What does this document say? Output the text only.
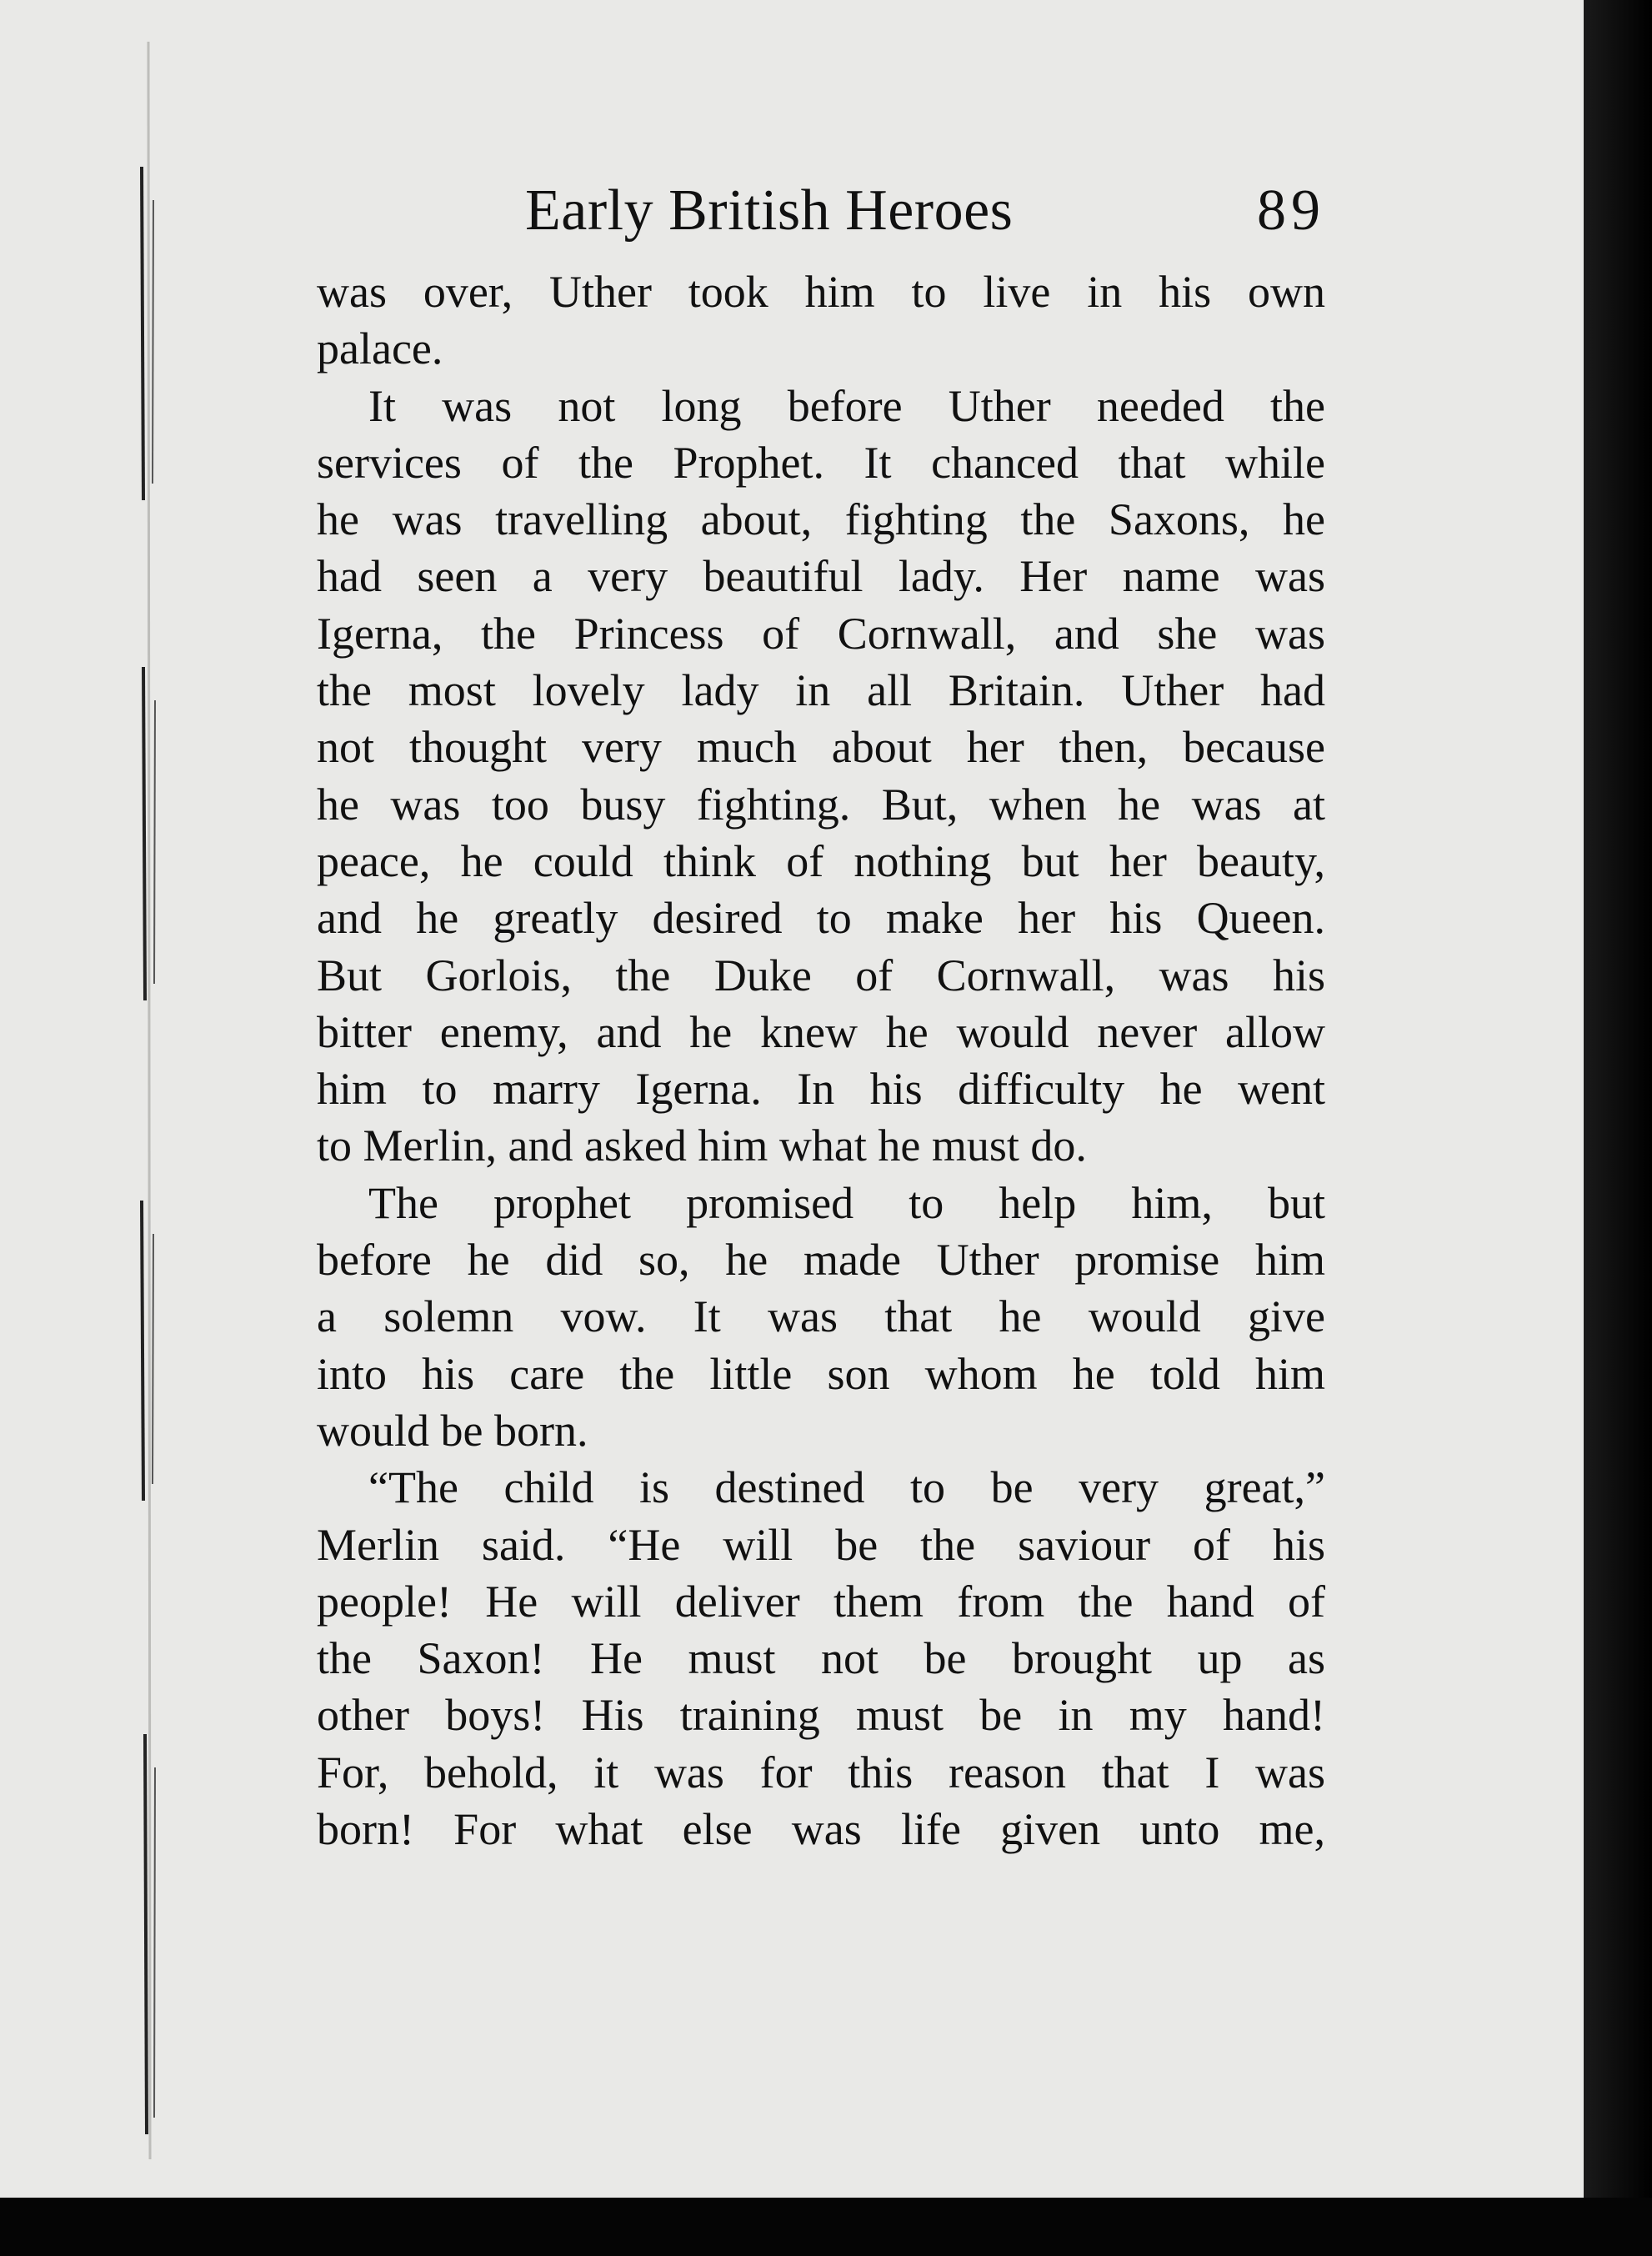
Early British Heroes	89
was over, Uther took him to live in his own
palace.
It was not long before Uther needed the
services of the Prophet. It chanced that while
he was travelling about, fighting the Saxons, he
had seen a very beautiful lady. Her name was
Igerna, the Princess of Cornwall, and she was
the most lovely lady in all Britain. Uther had
not thought very much about her then, because
he was too busy fighting. But, when he was at
peace, he could think of nothing but her beauty,
and he greatly desired to make her his Queen.
But Gorlois, the Duke of Cornwall, was his
bitter enemy, and he knew he would never allow
him to marry Igerna. In his difficulty he went
to Merlin, and asked him what he must do.
The prophet promised to help him, but
before he did so, he made Uther promise him
a solemn vow. It was that he would give
into his care the little son whom he told him
would be born.
“The child is destined to be very great,”
Merlin said. “He will be the saviour of his
people! He will deliver them from the hand of
the Saxon! He must not be brought up as
other boys! His training must be in my hand!
For, behold, it was for this reason that I was
born! For what else was life given unto me,
